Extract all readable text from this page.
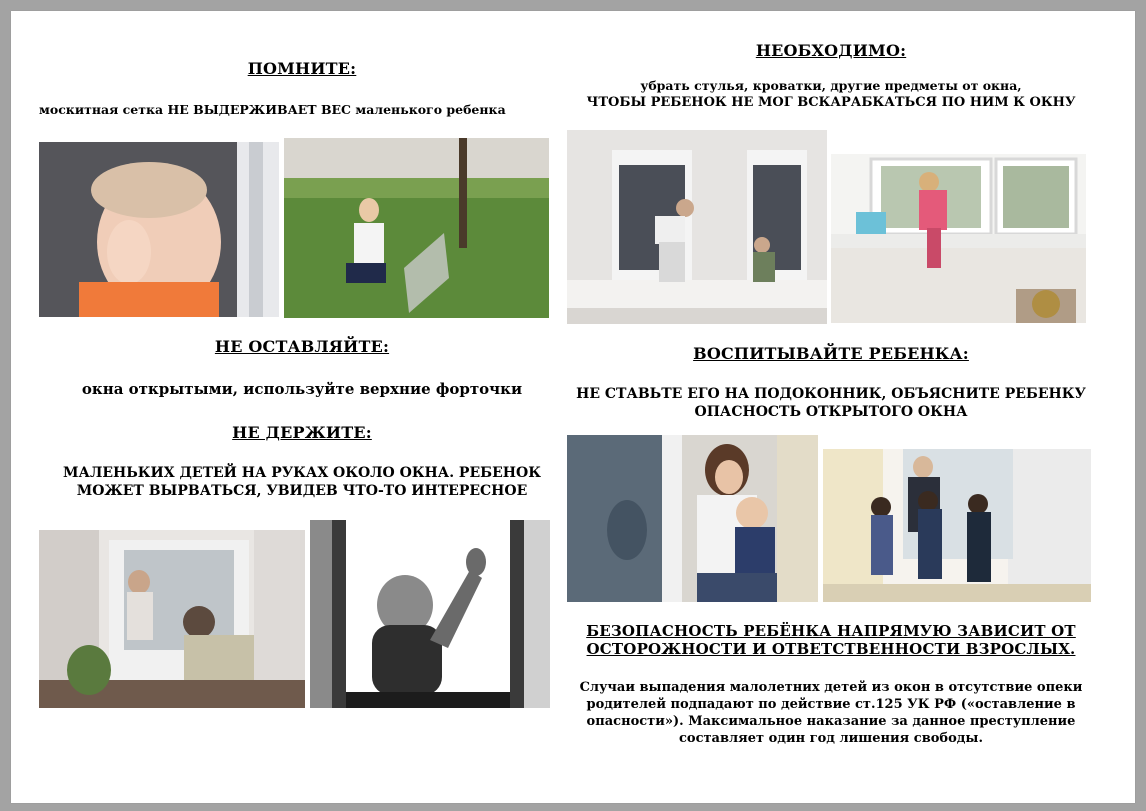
ПОМНИТЕ:
москитная сетка НЕ ВЫДЕРЖИВАЕТ ВЕС маленького ребенка
НЕ ОСТАВЛЯЙТЕ:
окна открытыми, используйте верхние форточки
НЕ ДЕРЖИТЕ:
МАЛЕНЬКИХ ДЕТЕЙ НА РУКАХ ОКОЛО ОКНА. РЕБЕНОК
МОЖЕТ ВЫРВАТЬСЯ, УВИДЕВ ЧТО-ТО ИНТЕРЕСНОЕ
НЕОБХОДИМО:
убрать стулья, кроватки, другие предметы от окна,
ЧТОБЫ РЕБЕНОК НЕ МОГ ВСКАРАБКАТЬСЯ ПО НИМ К ОКНУ
ВОСПИТЫВАЙТЕ РЕБЕНКА:
НЕ СТАВЬТЕ ЕГО НА ПОДОКОННИК, ОБЪЯСНИТЕ РЕБЕНКУ
ОПАСНОСТЬ ОТКРЫТОГО ОКНА
БЕЗОПАСНОСТЬ РЕБЁНКА НАПРЯМУЮ ЗАВИСИТ ОТ
ОСТОРОЖНОСТИ И ОТВЕТСТВЕННОСТИ ВЗРОСЛЫХ.
Случаи выпадения малолетних детей из окон в отсутствие опеки
родителей подпадают по действие ст.125 УК РФ («оставление в
опасности»). Максимальное наказание за данное преступление
составляет один год лишения свободы.
